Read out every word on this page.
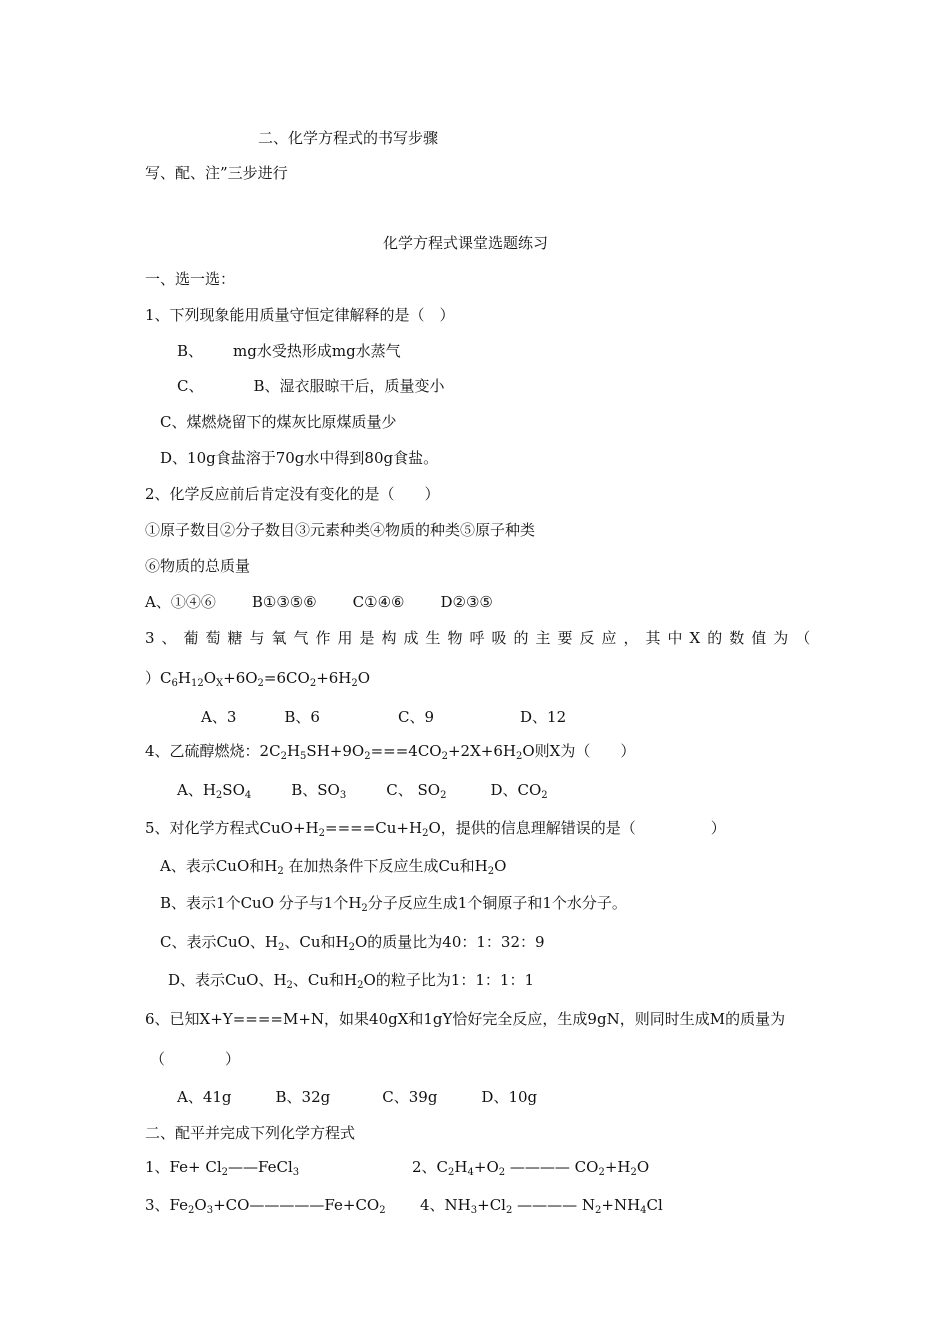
二、化学方程式的书写步骤
写、配、注”三步进行
化学方程式课堂选题练习
一、选一选：
1、下列现象能用质量守恒定律解释的是（　）
B、 mg水受热形成mg水蒸气
C、	B、湿衣服晾干后，质量变小
C、煤燃烧留下的煤灰比原煤质量少
D、10g食盐溶于70g水中得到80g食盐。
2、化学反应前后肯定没有变化的是（　　）
①原子数目②分子数目③元素种类④物质的种类⑤原子种类
⑥物质的总质量
A、①④⑥ B①③⑤⑥ C①④⑥ D②③⑤
3、葡萄糖与氧气作用是构成生物呼吸的主要反应，其中X的数值为（
）$C_6H_{12}O_X+6O_2=6CO_2+6H_2O$
A、3	B、6	C、9	D、12
4、乙硫醇燃烧：$2C_2H_5SH+9O_2===4CO_2+2X+6H_2O$则X为（　　）
A、$H_2SO_4$	B、$SO_3$	C、 $SO_2$	D、$CO_2$
5、对化学方程式$CuO+H_2====Cu+H_2O$，提供的信息理解错误的是（　　　　　）
A、表示CuO和$H_2$ 在加热条件下反应生成Cu和$H_2O$
B、表示1个CuO 分子与1个$H_2$分子反应生成1个铜原子和1个水分子。
C、表示CuO、$H_2$、Cu和$H_2O$的质量比为40：1：32：9
D、表示CuO、$H_2$、Cu和$H_2O$的粒子比为1：1：1：1
6、已知X+Y====M+N，如果40gX和1gY恰好完全反应，生成9gN，则同时生成M的质量为
（　　　　）
A、41g	B、32g	C、39g	D、10g
二、配平并完成下列化学方程式
1、$Fe+ Cl_2——FeCl_3$	2、$C_2H_4+O_2$ ———— $CO_2+H_2O$
3、$Fe_2O_3+CO—————Fe+CO_2$ 4、$NH_3+Cl_2$ ———— $N_2+NH_4Cl$
